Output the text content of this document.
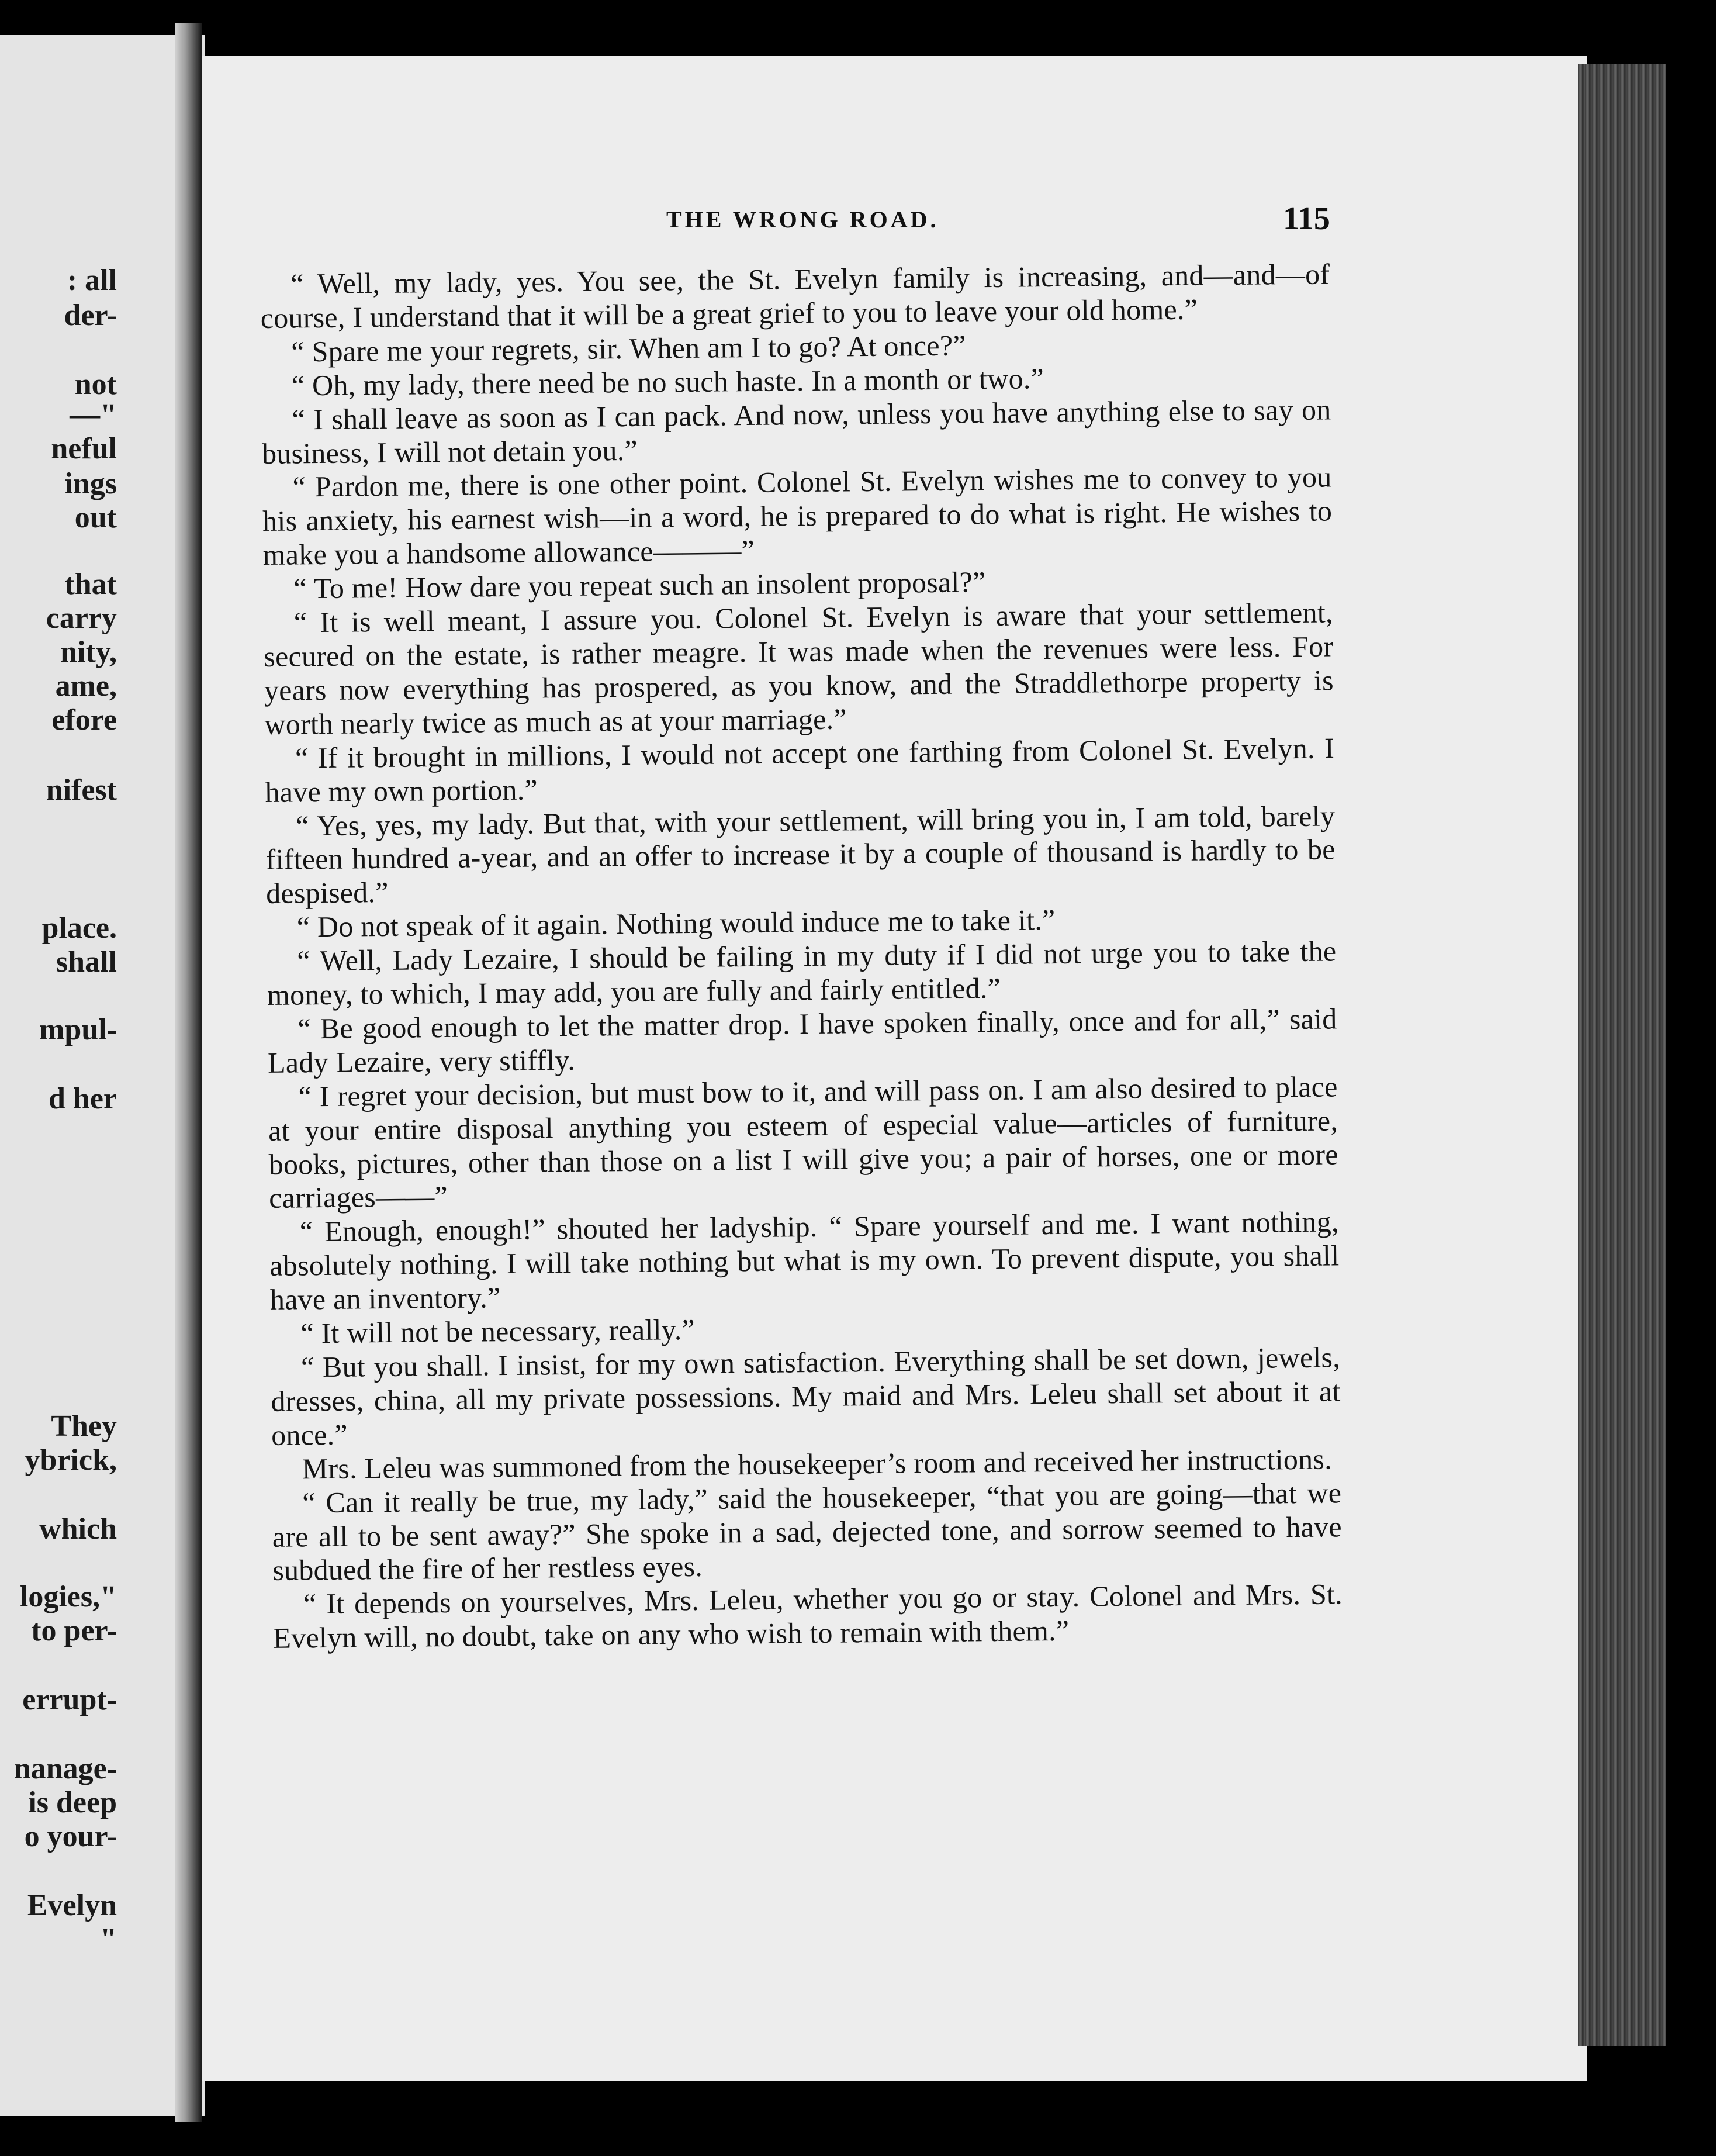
: all

der-

not

—"

neful

ings

out

that

carry

nity,

ame,

efore

nifest

place.

shall

mpul-

d her

They

ybrick,

which

logies,"

to per-

errupt-

nanage-

is deep

o your-

Evelyn

"

THE WRONG ROAD.	115

“ Well, my lady, yes. You see, the St. Evelyn family is increasing, and—and—of course, I understand that it will be a great grief to you to leave your old home.”

“ Spare me your regrets, sir. When am I to go? At once?”

“ Oh, my lady, there need be no such haste. In a month or two.”

“ I shall leave as soon as I can pack. And now, unless you have anything else to say on business, I will not detain you.”

“ Pardon me, there is one other point. Colonel St. Evelyn wishes me to convey to you his anxiety, his earnest wish—in a word, he is prepared to do what is right. He wishes to make you a handsome allowance———”

“ To me! How dare you repeat such an insolent proposal?”

“ It is well meant, I assure you. Colonel St. Evelyn is aware that your settlement, secured on the estate, is rather meagre. It was made when the revenues were less. For years now everything has prospered, as you know, and the Straddlethorpe property is worth nearly twice as much as at your marriage.”

“ If it brought in millions, I would not accept one farthing from Colonel St. Evelyn. I have my own portion.”

“ Yes, yes, my lady. But that, with your settlement, will bring you in, I am told, barely fifteen hundred a-year, and an offer to increase it by a couple of thousand is hardly to be despised.”

“ Do not speak of it again. Nothing would induce me to take it.”

“ Well, Lady Lezaire, I should be failing in my duty if I did not urge you to take the money, to which, I may add, you are fully and fairly entitled.”

“ Be good enough to let the matter drop. I have spoken finally, once and for all,” said Lady Lezaire, very stiffly.

“ I regret your decision, but must bow to it, and will pass on. I am also desired to place at your entire disposal anything you esteem of especial value—articles of furniture, books, pictures, other than those on a list I will give you; a pair of horses, one or more carriages——”

“ Enough, enough!” shouted her ladyship. “ Spare yourself and me. I want nothing, absolutely nothing. I will take nothing but what is my own. To prevent dispute, you shall have an inventory.”

“ It will not be necessary, really.”

“ But you shall. I insist, for my own satisfaction. Everything shall be set down, jewels, dresses, china, all my private possessions. My maid and Mrs. Leleu shall set about it at once.”

Mrs. Leleu was summoned from the housekeeper’s room and received her instructions.

“ Can it really be true, my lady,” said the housekeeper, “that you are going—that we are all to be sent away?” She spoke in a sad, dejected tone, and sorrow seemed to have subdued the fire of her restless eyes.

“ It depends on yourselves, Mrs. Leleu, whether you go or stay. Colonel and Mrs. St. Evelyn will, no doubt, take on any who wish to remain with them.”
